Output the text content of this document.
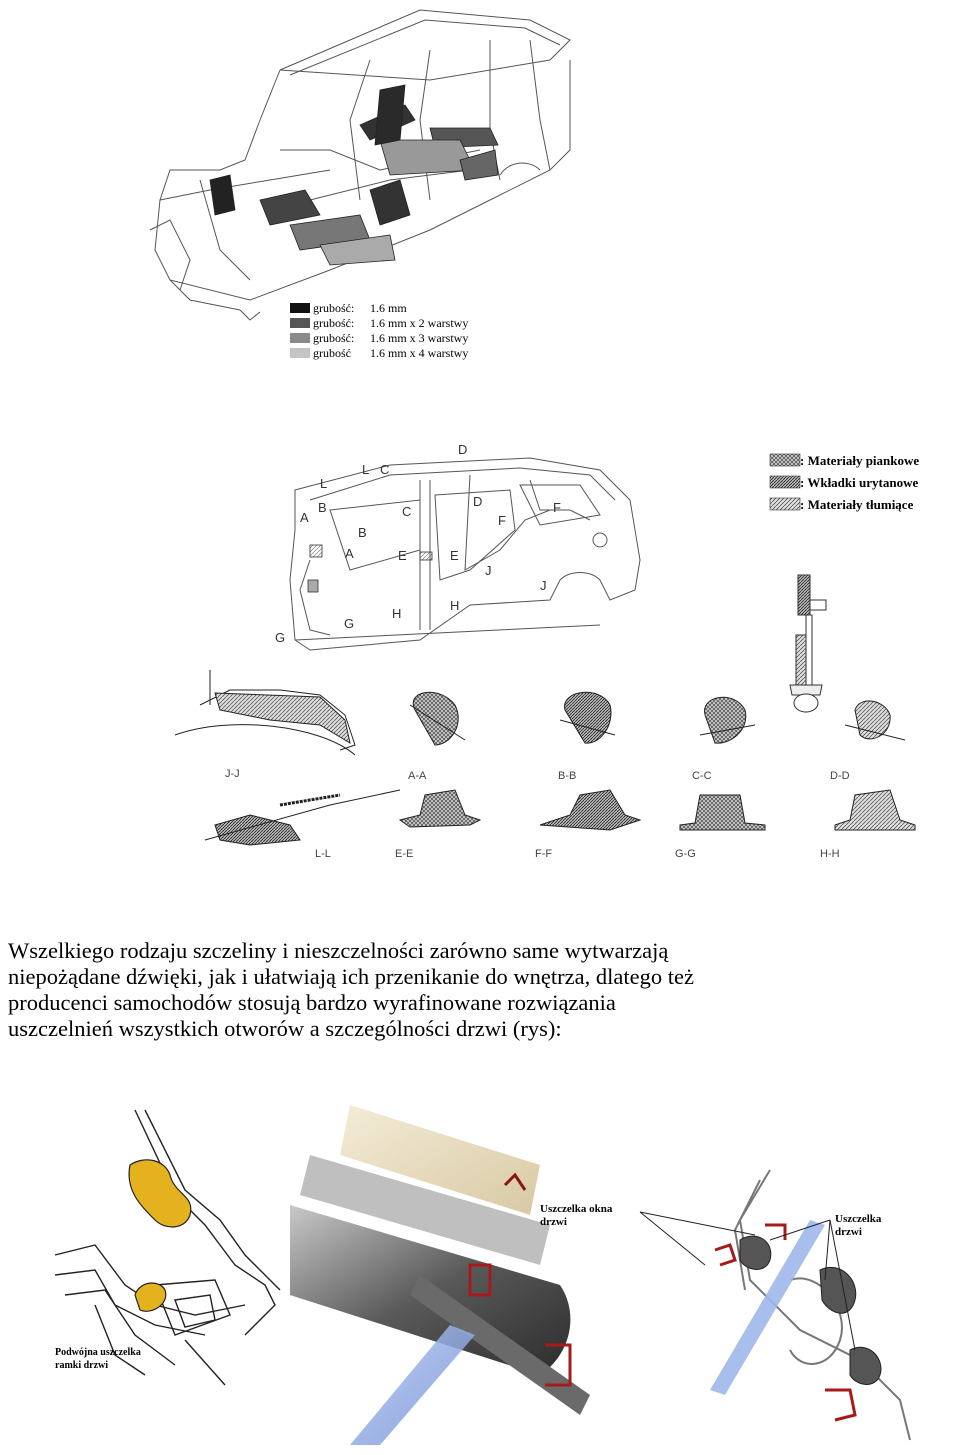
grubość: 1.6 mm
grubość: 1.6 mm x 2 warstwy
grubość: 1.6 mm x 3 warstwy
grubość 1.6 mm x 4 warstwy
A
B
C
D
E
F
G
H
J
L
A
B
C
D
E
F
G
H
J
L
: Materiały piankowe
: Wkładki urytanowe
: Materiały tłumiące
J-J	A-A	B-B	C-C	D-D
L-L	E-E	F-F	G-G	H-H

Wszelkiego rodzaju szczeliny i nieszczelności zarówno same wytwarzają
niepożądane dźwięki, jak i ułatwiają ich przenikanie do wnętrza, dlatego też
producenci samochodów stosują bardzo wyrafinowane rozwiązania
uszczelnień wszystkich otworów a szczególności drzwi (rys):

Podwójna uszczelka
ramki drzwi
Uszczelka okna
drzwi	Uszczelka
drzwi
